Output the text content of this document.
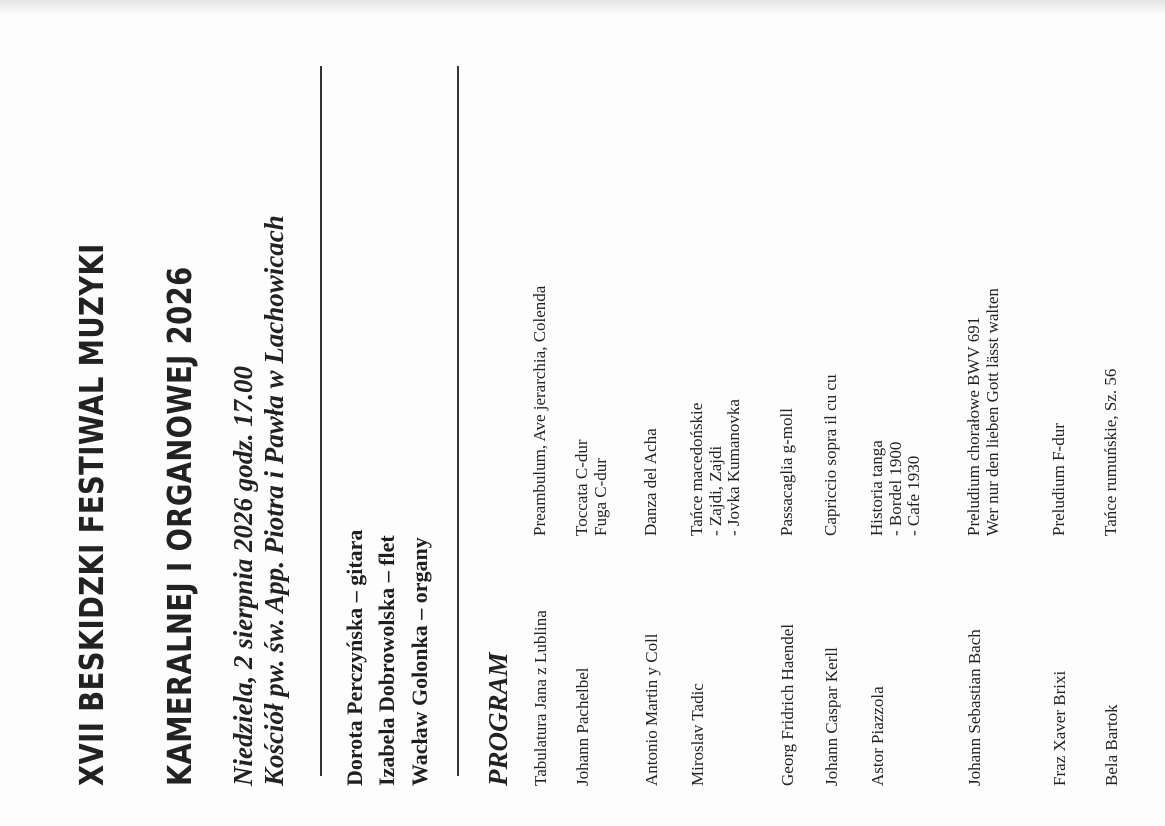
XVII BESKIDZKI FESTIWAL MUZYKI KAMERALNEJ I ORGANOWEJ 2026 Niedziela, 2 sierpnia 2026 godz. 17.00 Kościół pw. św. App. Piotra i Pawła w Lachowicach Dorota Perczyńska – gitara Izabela Dobrowolska – flet Wacław Golonka – organy PROGRAM Tabulatura Jana z Lublina
Preambulum, Ave jerarchia, Colenda
Johann Pachelbel
Toccata C-dur Fuga C-dur
Antonio Martin y Coll
Danza del Acha
Miroslav Tadic
Tańce macedońskie - Zajdi, Zajdi - Jovka Kumanovka
Georg Fridrich Haendel
Passacaglia g-moll
Johann Caspar Kerll
Capriccio sopra il cu cu
Astor Piazzola
Historia tanga - Bordel 1900 - Cafe 1930
Johann Sebastian Bach
Preludium chorałowe BWV 691 Wer nur den lieben Gott lässt walten
Fraz Xaver Brixi
Preludium F-dur
Bela Bartok
Tańce rumuńskie, Sz. 56
